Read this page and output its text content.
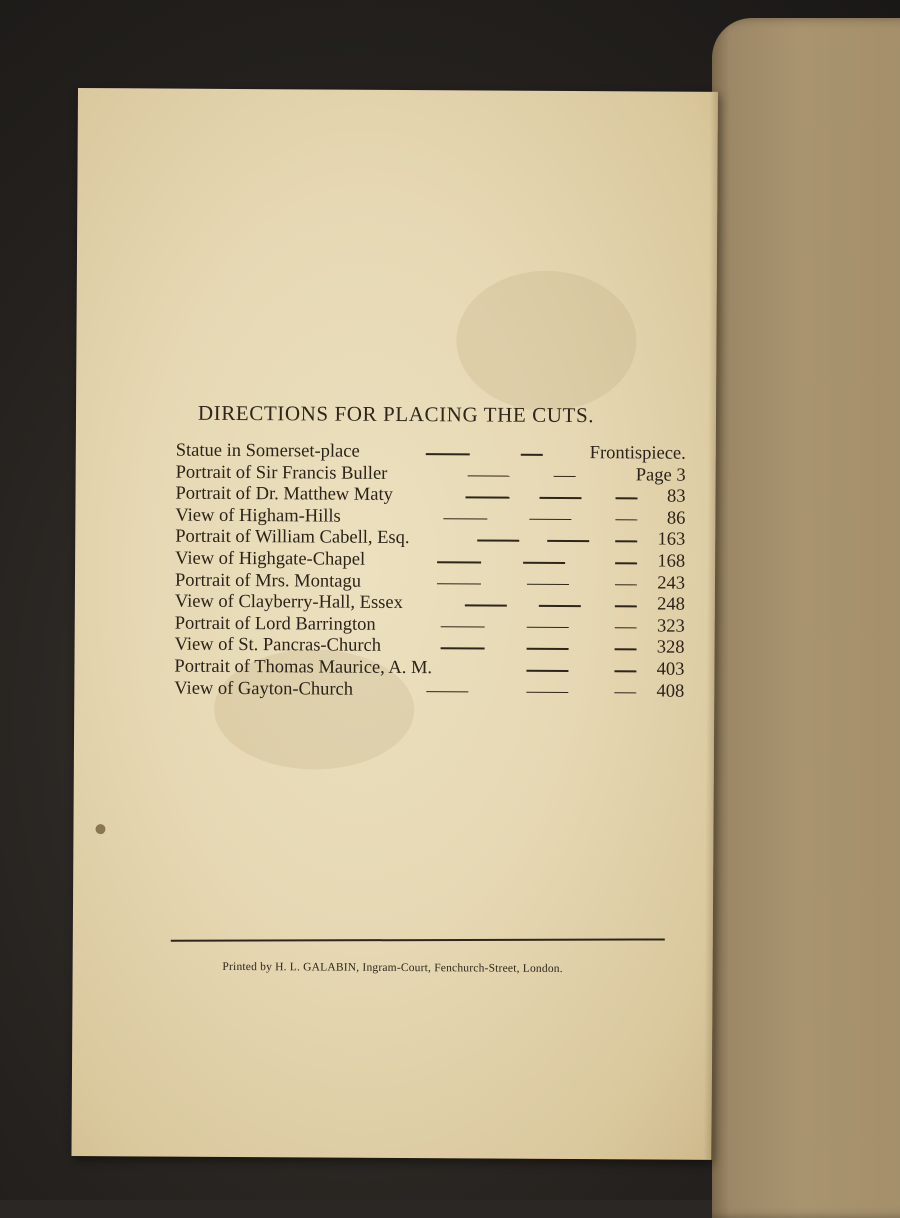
DIRECTIONS FOR PLACING THE CUTS.
Statue in Somerset-place	Frontispiece.
Portrait of Sir Francis Buller	Page 3
Portrait of Dr. Matthew Maty	83
View of Higham-Hills	86
Portrait of William Cabell, Esq.	163
View of Highgate-Chapel	168
Portrait of Mrs. Montagu	243
View of Clayberry-Hall, Essex	248
Portrait of Lord Barrington	323
View of St. Pancras-Church	328
Portrait of Thomas Maurice, A. M.	403
View of Gayton-Church	408
Printed by H. L. GALABIN, Ingram-Court, Fenchurch-Street, London.
